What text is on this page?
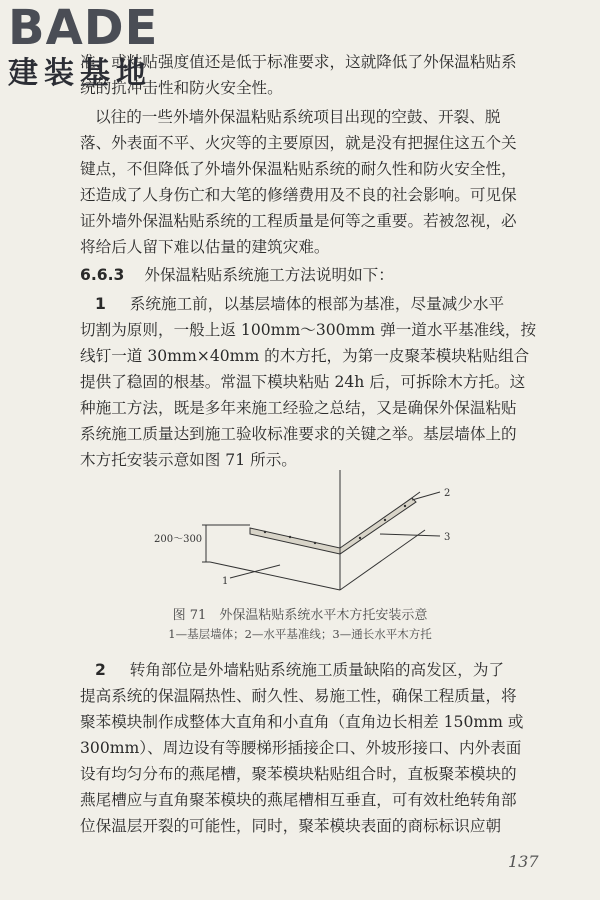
BADE
建装基地
准，或粘贴强度值还是低于标准要求，这就降低了外保温粘贴系
统的抗冲击性和防火安全性。
以往的一些外墙外保温粘贴系统项目出现的空鼓、开裂、脱
落、外表面不平、火灾等的主要原因，就是没有把握住这五个关
键点，不但降低了外墙外保温粘贴系统的耐久性和防火安全性，
还造成了人身伤亡和大笔的修缮费用及不良的社会影响。可见保
证外墙外保温粘贴系统的工程质量是何等之重要。若被忽视，必
将给后人留下难以估量的建筑灾难。
6.6.3 外保温粘贴系统施工方法说明如下：
1 系统施工前，以基层墙体的根部为基准，尽量减少水平
切割为原则，一般上返 100mm～300mm 弹一道水平基准线，按
线钉一道 30mm×40mm 的木方托，为第一皮聚苯模块粘贴组合
提供了稳固的根基。常温下模块粘贴 24h 后，可拆除木方托。这
种施工方法，既是多年来施工经验之总结，又是确保外保温粘贴
系统施工质量达到施工验收标准要求的关键之举。基层墙体上的
木方托安装示意如图 71 所示。
200～300
2
3
1
图 71　外保温粘贴系统水平木方托安装示意
1—基层墙体；2—水平基准线；3—通长水平木方托
2 转角部位是外墙粘贴系统施工质量缺陷的高发区，为了
提高系统的保温隔热性、耐久性、易施工性，确保工程质量，将
聚苯模块制作成整体大直角和小直角（直角边长相差 150mm 或
300mm）、周边设有等腰梯形插接企口、外坡形接口、内外表面
设有均匀分布的燕尾槽，聚苯模块粘贴组合时，直板聚苯模块的
燕尾槽应与直角聚苯模块的燕尾槽相互垂直，可有效杜绝转角部
位保温层开裂的可能性，同时，聚苯模块表面的商标标识应朝
137
